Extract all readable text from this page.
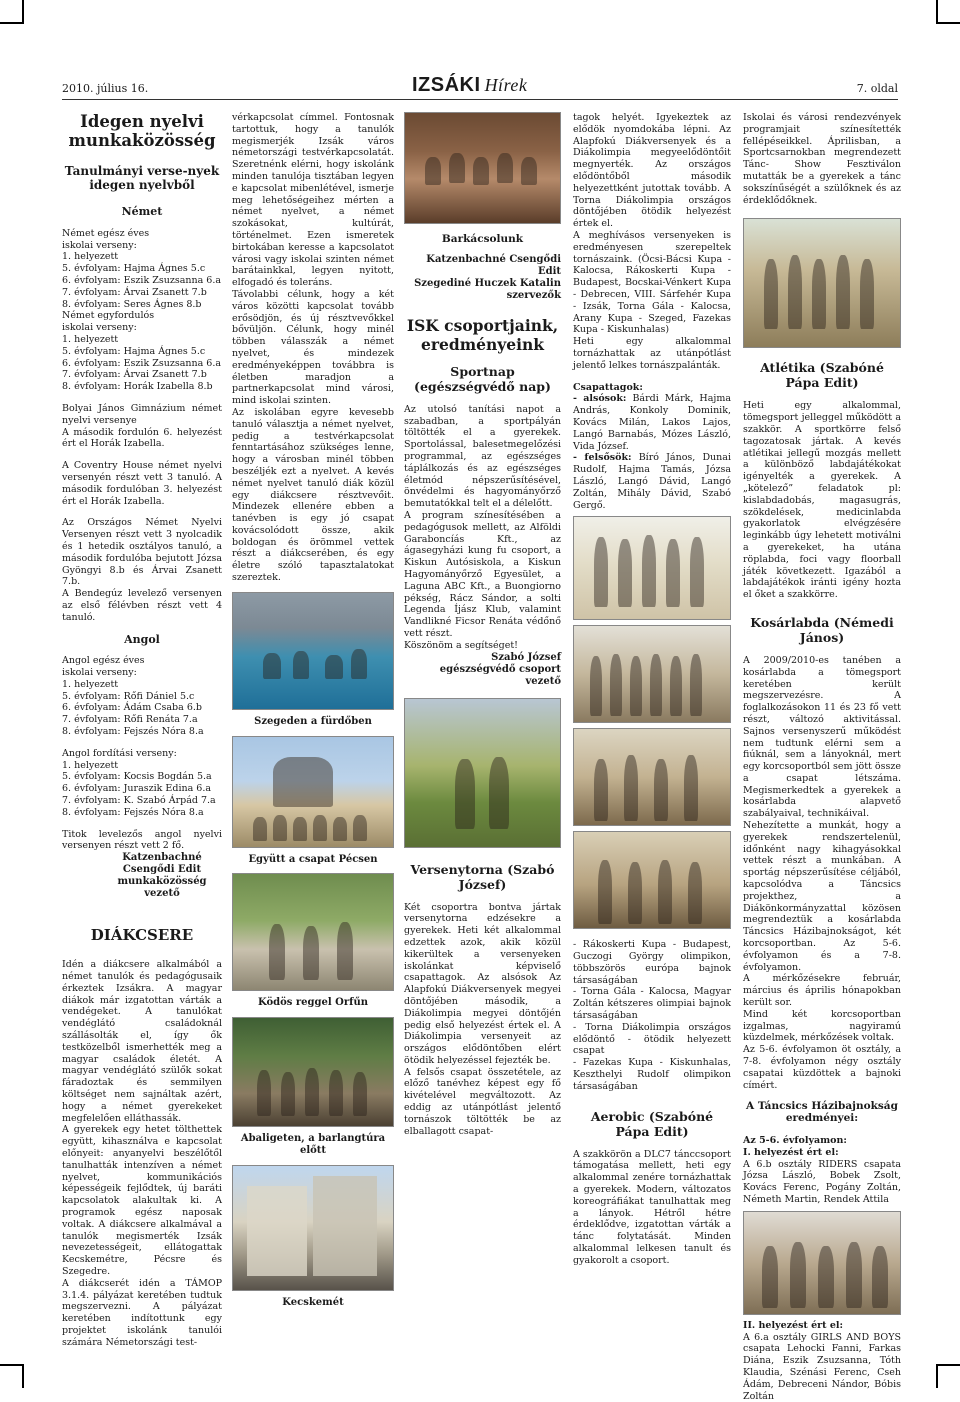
2010. július 16.	IZSÁKI Hírek	7. oldal
Idegen nyelvi munkaközösség
Tanulmányi verse-nyek idegen nyelvből
Német

Német egész éves

iskolai verseny:

1. helyezett

5. évfolyam: Hajma Ágnes 5.c

6. évfolyam: Eszik Zsuzsanna 6.a

7. évfolyam: Árvai Zsanett 7.b

8. évfolyam: Seres Ágnes 8.b

Német egyfordulós

iskolai verseny:

1. helyezett

5. évfolyam: Hajma Ágnes 5.c

6. évfolyam: Eszik Zsuzsanna 6.a

7. évfolyam: Árvai Zsanett 7.b

8. évfolyam: Horák Izabella 8.b

Bolyai János Gimnázium német nyelvi versenye

A második fordulón 6. helyezést ért el Horák Izabella.

A Coventry House német nyelvi versenyén részt vett 3 tanuló. A második fordulóban 3. helyezést ért el Horák Izabella.

Az Országos Német Nyelvi Versenyen részt vett 3 nyolcadik és 1 hetedik osztályos tanuló, a második fordulóba bejutott Józsa Gyöngyi 8.b és Árvai Zsanett 7.b.

A Bendegúz levelező versenyen az első félévben részt vett 4 tanuló.

Angol

Angol egész éves

iskolai verseny:

1. helyezett

5. évfolyam: Rőfi Dániel 5.c

6. évfolyam: Ádám Csaba 6.b

7. évfolyam: Rőfi Renáta 7.a

8. évfolyam: Fejszés Nóra 8.a

Angol fordítási verseny:

1. helyezett

5. évfolyam: Kocsis Bogdán 5.a

6. évfolyam: Juraszik Edina 6.a

7. évfolyam: K. Szabó Árpád 7.a

8. évfolyam: Fejszés Nóra 8.a

Titok levelezős angol nyelvi versenyen részt vett 2 fő.

Katzenbachné
Csengődi Edit
munkaközösség vezető
DIÁKCSERE

Idén a diákcsere alkalmából a német tanulók és pedagógusaik érkeztek Izsákra. A magyar diákok már izgatottan várták a vendégeket. A tanulókat vendéglátó családoknál szállásolták el, így ők testközelből ismerhették meg a magyar családok életét. A magyar vendéglátó szülők sokat fáradoztak és semmilyen költséget nem sajnáltak azért, hogy a német gyerekeket megfelelően elláthassák.

A gyerekek egy hetet tölthettek együtt, kihasználva e kapcsolat előnyeit: anyanyelvi beszélőtől tanulhatták intenzíven a német nyelvet, kommunikációs képességeik fejlődtek, új baráti kapcsolatok alakultak ki. A programok egész naposak voltak. A diákcsere alkalmával a tanulók megismerték Izsák nevezetességeit, ellátogattak Kecskemétre, Pécsre és Szegedre.

A diákcserét idén a TÁMOP 3.1.4. pályázat keretében tudtuk megszervezni. A pályázat keretében indítottunk egy projektet iskolánk tanulói számára Németországi test-

vérkapcsolat címmel. Fontosnak tartottuk, hogy a tanulók megismerjék Izsák város németországi testvérkapcsolatát. Szeretnénk elérni, hogy iskolánk minden tanulója tisztában legyen e kapcsolat mibenlétével, ismerje meg lehetőségeihez mérten a német nyelvet, a német szokásokat, kultúrát, történelmet. Ezen ismeretek birtokában keresse a kapcsolatot városi vagy iskolai szinten német barátainkkal, legyen nyitott, elfogadó és toleráns.

Távolabbi célunk, hogy a két város közötti kapcsolat tovább erősödjön, és új résztvevőkkel bővüljön. Célunk, hogy minél többen válasszák a német nyelvet, és mindezek eredményeképpen továbbra is életben maradjon a partnerkapcsolat mind városi, mind iskolai szinten.

Az iskolában egyre kevesebb tanuló választja a német nyelvet, pedig a testvérkapcsolat fenntartásához szükséges lenne, hogy a városban minél többen beszéljék ezt a nyelvet. A kevés német nyelvet tanuló diák közül egy diákcsere résztvevőit. Mindezek ellenére ebben a tanévben is egy jó csapat kovácsolódott össze, akik boldogan és örömmel vettek részt a diákcserében, és egy életre szóló tapasztalatokat szereztek.

Szegeden a fürdőben
Együtt a csapat Pécsen
Ködös reggel Orfűn
Abaligeten, a barlangtúra előtt
Kecskemét
Barkácsolunk
Katzenbachné Csengődi
Edit
Szegediné Huczek Katalin
szervezők
ISK csoportjaink, eredményeink
Sportnap (egészségvédő nap)

Az utolsó tanítási napot a szabadban, a sportpályán töltötték el a gyerekek. Sportolással, balesetmegelőzési programmal, az egészséges táplálkozás és az egészséges életmód népszerűsítésével, önvédelmi és hagyományőrző bemutatókkal telt el a délelőtt.

A program színesítésében a pedagógusok mellett, az Alföldi Garaboncíás Kft., az ágasegyházi kung fu csoport, a Kiskun Autósiskola, a Kiskun Hagyományőrző Egyesület, a Laguna ABC Kft., a Buongiorno pékség, Rácz Sándor, a solti Legenda Íjász Klub, valamint Vandlikné Ficsor Renáta védőnő vett részt.

Köszönöm a segítséget!

Szabó József
egészségvédő csoport vezető
Versenytorna (Szabó József)

Két csoportra bontva jártak versenytorna edzésekre a gyerekek. Heti két alkalommal edzettek azok, akik közül kikerültek a versenyeken iskolánkat képviselő csapattagok. Az alsósok Az Alapfokú Diákversenyek megyei döntőjében második, a Diákolimpia megyei döntőjén pedig első helyezést értek el. A Diákolimpia versenyeit az országos elődöntőben elért ötödik helyezéssel fejezték be.

A felsős csapat összetétele, az előző tanévhez képest egy fő kivételével megváltozott. Az eddig az utánpótlást jelentő tornászok töltötték be az elballagott csapat-

tagok helyét. Igyekeztek az elődök nyomdokába lépni. Az Alapfokú Diákversenyek és a Diákolimpia megyeelődöntőit megnyerték. Az országos elődöntőből második helyezettként jutottak tovább. A Torna Diákolimpia országos döntőjében ötödik helyezést értek el.

A meghívásos versenyeken is eredményesen szerepeltek tornászaink. (Öcsi-Bácsi Kupa - Kalocsa, Rákoskerti Kupa - Budapest, Bocskai-Vénkert Kupa - Debrecen, VIII. Sárfehér Kupa - Izsák, Torna Gála - Kalocsa, Arany Kupa - Szeged, Fazekas Kupa - Kiskunhalas)

Heti egy alkalommal tornázhattak az utánpótlást jelentő lelkes tornászpalánták.

Csapattagok:

- alsósok: Bárdi Márk, Hajma András, Konkoly Dominik, Kovács Milán, Lakos Lajos, Langó Barnabás, Mózes László, Vida József.

- felsősök: Bíró János, Dunai Rudolf, Hajma Tamás, Józsa László, Langó Dávid, Langó Zoltán, Mihály Dávid, Szabó Gergő.

- Rákoskerti Kupa - Budapest, Guczogi György olimpikon, többszörös európa bajnok társaságában

- Torna Gála - Kalocsa, Magyar Zoltán kétszeres olimpiai bajnok társaságában

- Torna Diákolimpia országos elődöntő - ötödik helyezett csapat

- Fazekas Kupa - Kiskunhalas, Keszthelyi Rudolf olimpikon társaságában

Aerobic (Szabóné Pápa Edit)

A szakkörön a DLC7 tánccsoport támogatása mellett, heti egy alkalommal zenére tornázhattak a gyerekek. Modern, változatos koreográfiákat tanulhattak meg a lányok. Hétről hétre érdeklődve, izgatottan várták a tánc folytatását. Minden alkalommal lelkesen tanult és gyakorolt a csoport.

Iskolai és városi rendezvények programjait színesítették fellépéseikkel. Áprilisban, a Sportcsarnokban megrendezett Tánc- Show Fesztiválon mutatták be a gyerekek a tánc sokszínűségét a szülőknek és az érdeklődőknek.

Atlétika (Szabóné Pápa Edit)

Heti egy alkalommal, tömegsport jelleggel működött a szakkör. A sportkörre felső tagozatosak jártak. A kevés atlétikai jellegű mozgás mellett a különböző labdajátékokat igényelték a gyerekek. A „kötelező” feladatok pl: kislabdadobás, magasugrás, szökdelések, medicinlabda gyakorlatok elvégzésére leginkább úgy lehetett motiválni a gyerekeket, ha utána röplabda, foci vagy floorball játék következett. Igazából a labdajátékok iránti igény hozta el őket a szakkörre.

Kosárlabda (Némedi János)

A 2009/2010-es tanében a kosárlabda a tömegsport keretében került megszervezésre. A foglalkozásokon 11 és 23 fő vett részt, változó aktivitással. Sajnos versenyszerű működést nem tudtunk elérni sem a fiúknál, sem a lányoknál, mert egy korcsoportból sem jött össze a csapat létszáma. Megismerkedtek a gyerekek a kosárlabda alapvető szabályaival, technikáival.

Nehezítette a munkát, hogy a gyerekek rendszertelenül, időnként nagy kihagyásokkal vettek részt a munkában. A sportág népszerűsítése céljából, kapcsolódva a Táncsics projekthez, a Diákönkormányzattal közösen megrendeztük a kosárlabda Táncsics Házibajnokságot, két korcsoportban. Az 5-6. évfolyamon és a 7-8. évfolyamon.

A mérkőzésekre február, március és április hónapokban került sor.

Mind két korcsoportban izgalmas, nagyiramú küzdelmek, mérkőzések voltak.

Az 5-6. évfolyamon öt osztály, a 7-8. évfolyamon négy osztály csapatai küzdöttek a bajnoki címért.

A Táncsics Házibajnokság eredményei:

Az 5-6. évfolyamon:

I. helyezést ért el:

A 6.b osztály RIDERS csapata Józsa László, Bobek Zsolt, Kovács Ferenc, Pogány Zoltán, Németh Martin, Rendek Attila

II. helyezést ért el:

A 6.a osztály GIRLS AND BOYS csapata Lehocki Fanni, Farkas Diána, Eszik Zsuzsanna, Tóth Klaudia, Szénási Ferenc, Cseh Ádám, Debreceni Nándor, Bóbis Zoltán
